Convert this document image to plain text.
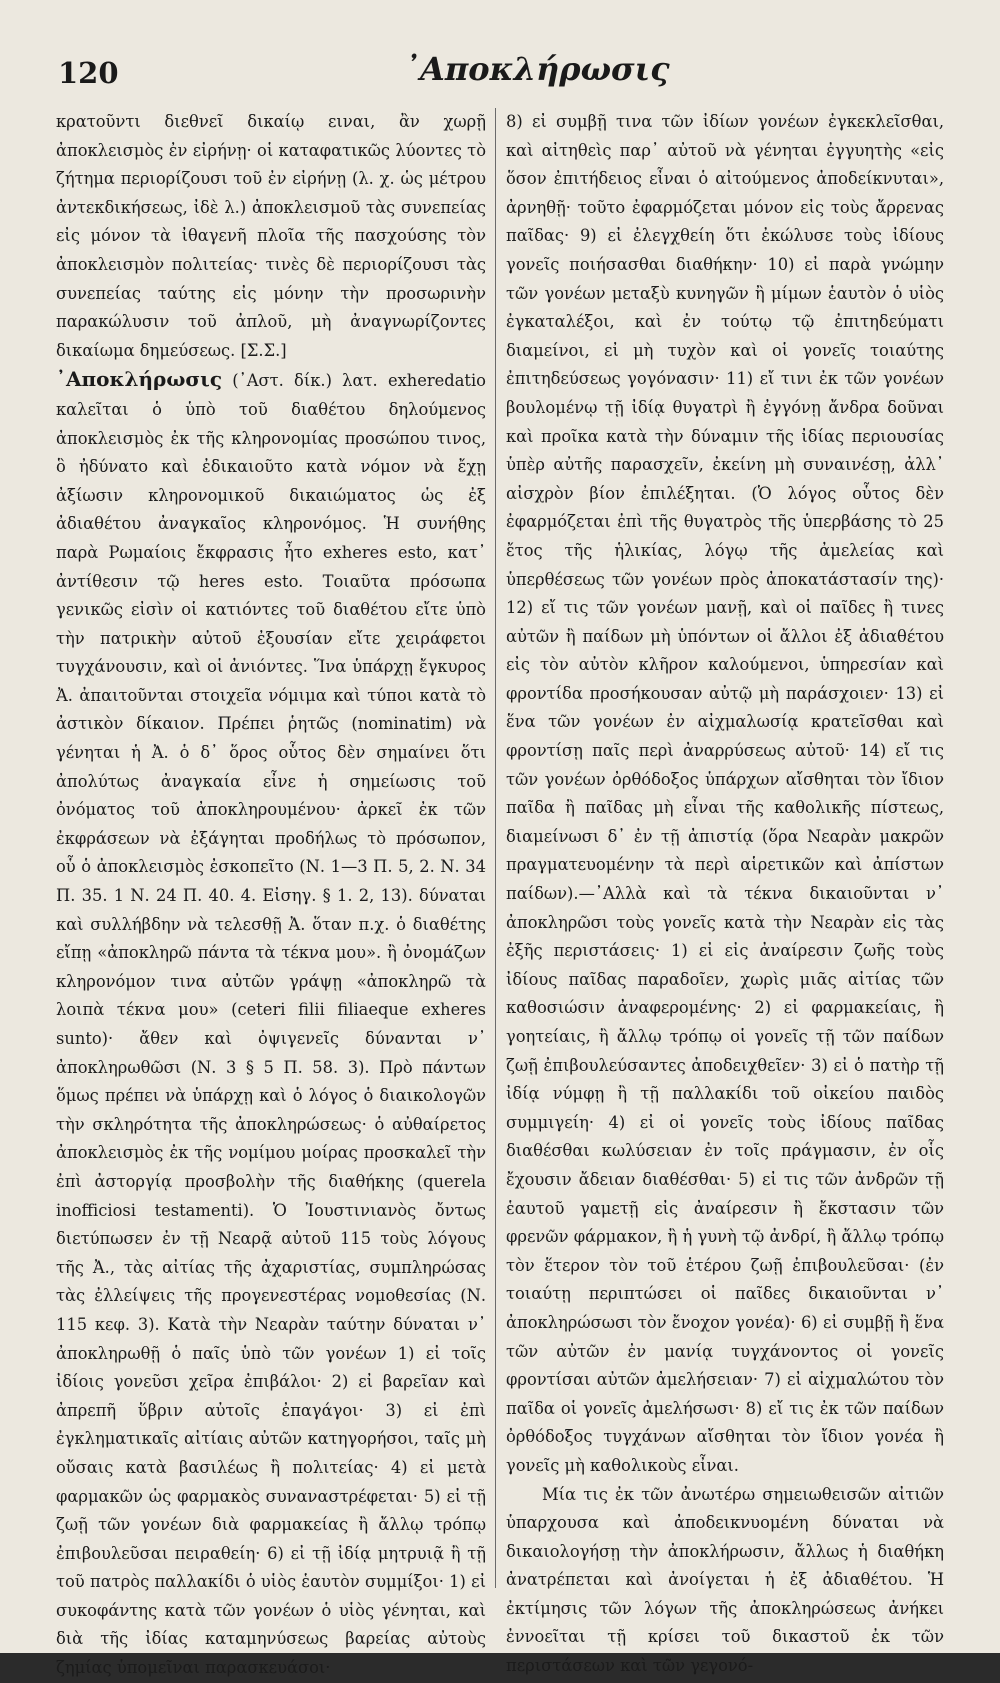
120	᾿Αποκλήρωσις

κρατοῦντι διεθνεῖ δικαίῳ ειναι, ἂν χωρῇ ἀποκλεισμὸς ἐν εἰρήνῃ· οἱ καταφατικῶς λύοντες τὸ ζήτημα περιορίζουσι τοῦ ἐν εἰρήνῃ (λ. χ. ὡς μέτρου ἀντεκδικήσεως, ἰδὲ λ.) ἀποκλεισμοῦ τὰς συνεπείας εἰς μόνον τὰ ἰθαγενῆ πλοῖα τῆς πασχούσης τὸν ἀποκλεισμὸν πολιτείας· τινὲς δὲ περιορίζουσι τὰς συνεπείας ταύτης εἰς μόνην τὴν προσωρινὴν παρακώλυσιν τοῦ ἀπλοῦ, μὴ ἀναγνωρίζοντες δικαίωμα δημεύσεως. [Σ.Σ.]

᾿Αποκλήρωσις (᾿Αστ. δίκ.) λατ. exheredatio καλεῖται ὁ ὑπὸ τοῦ διαθέτου δηλούμενος ἀποκλεισμὸς ἐκ τῆς κληρονομίας προσώπου τινος, ὃ ἠδύνατο καὶ ἐδικαιοῦτο κατὰ νόμον νὰ ἔχῃ ἀξίωσιν κληρονομικοῦ δικαιώματος ὡς ἐξ ἀδιαθέτου ἀναγκαῖος κληρονόμος. Ἡ συνήθης παρὰ Ρωμαίοις ἔκφρασις ἦτο exheres esto, κατ᾿ ἀντίθεσιν τῷ heres esto. Τοιαῦτα πρόσωπα γενικῶς εἰσὶν οἱ κατιόντες τοῦ διαθέτου εἴτε ὑπὸ τὴν πατρικὴν αὐτοῦ ἐξουσίαν εἴτε χειράφετοι τυγχάνουσιν, καὶ οἱ ἀνιόντες. Ἵνα ὑπάρχῃ ἔγκυρος Ἀ. ἀπαιτοῦνται στοιχεῖα νόμιμα καὶ τύποι κατὰ τὸ ἀστικὸν δίκαιον. Πρέπει ῥητῶς (nominatim) νὰ γένηται ἡ Ἀ. ὁ δ᾿ ὅρος οὗτος δὲν σημαίνει ὅτι ἀπολύτως ἀναγκαία εἶνε ἡ σημείωσις τοῦ ὀνόματος τοῦ ἀποκληρουμένου· ἀρκεῖ ἐκ τῶν ἐκφράσεων νὰ ἐξάγηται προδήλως τὸ πρόσωπον, οὗ ὁ ἀποκλεισμὸς ἐσκοπεῖτο (Ν. 1—3 Π. 5, 2. Ν. 34 Π. 35. 1 Ν. 24 Π. 40. 4. Εἰσηγ. § 1. 2, 13). δύναται καὶ συλλήβδην νὰ τελεσθῇ Ἀ. ὅταν π.χ. ὁ διαθέτης εἴπῃ «ἀποκληρῶ πάντα τὰ τέκνα μου». ἢ ὀνομάζων κληρονόμον τινα αὐτῶν γράψῃ «ἀποκληρῶ τὰ λοιπὰ τέκνα μου» (ceteri filii filiaeque exheres sunto)· ἄθεν καὶ ὀψιγενεῖς δύνανται ν᾿ ἀποκληρωθῶσι (Ν. 3 § 5 Π. 58. 3). Πρὸ πάντων ὅμως πρέπει νὰ ὑπάρχῃ καὶ ὁ λόγος ὁ διαικολογῶν τὴν σκληρότητα τῆς ἀποκληρώσεως· ὁ αὐθαίρετος ἀποκλεισμὸς ἐκ τῆς νομίμου μοίρας προσκαλεῖ τὴν ἐπὶ ἀστοργίᾳ προσβολὴν τῆς διαθήκης (querela inofficiosi testamenti). Ὁ Ἰουστινιανὸς ὄντως διετύπωσεν ἐν τῇ Νεαρᾷ αὐτοῦ 115 τοὺς λόγους τῆς Ἀ., τὰς αἰτίας τῆς ἀχαριστίας, συμπληρώσας τὰς ἐλλείψεις τῆς προγενεστέρας νομοθεσίας (Ν. 115 κεφ. 3). Κατὰ τὴν Νεαρὰν ταύτην δύναται ν᾿ ἀποκληρωθῇ ὁ παῖς ὑπὸ τῶν γονέων 1) εἰ τοῖς ἰδίοις γονεῦσι χεῖρα ἐπιβάλοι· 2) εἰ βαρεῖαν καὶ ἀπρεπῆ ὕβριν αὐτοῖς ἐπαγάγοι· 3) εἰ ἐπὶ ἐγκληματικαῖς αἰτίαις αὐτῶν κατηγορήσοι, ταῖς μὴ οὔσαις κατὰ βασιλέως ἢ πολιτείας· 4) εἰ μετὰ φαρμακῶν ὡς φαρμακὸς συναναστρέφεται· 5) εἰ τῇ ζωῇ τῶν γονέων διὰ φαρμακείας ἢ ἄλλῳ τρόπῳ ἐπιβουλεῦσαι πειραθείη· 6) εἰ τῇ ἰδίᾳ μητρυιᾷ ἢ τῇ τοῦ πατρὸς παλλακίδι ὁ υἱὸς ἑαυτὸν συμμίξοι· 1) εἰ συκοφάντης κατὰ τῶν γονέων ὁ υἱὸς γένηται, καὶ διὰ τῆς ἰδίας καταμηνύσεως βαρείας αὐτοὺς ζημίας ὑπομεῖναι παρασκευάσοι·

8) εἰ συμβῇ τινα τῶν ἰδίων γονέων ἐγκεκλεῖσθαι, καὶ αἰτηθεὶς παρ᾿ αὐτοῦ νὰ γένηται ἐγγυητὴς «εἰς ὅσον ἐπιτήδειος εἶναι ὁ αἰτούμενος ἀποδείκνυται», ἀρνηθῇ· τοῦτο ἐφαρμόζεται μόνον εἰς τοὺς ἄρρενας παῖδας· 9) εἰ ἐλεγχθείη ὅτι ἐκώλυσε τοὺς ἰδίους γονεῖς ποιήσασθαι διαθήκην· 10) εἰ παρὰ γνώμην τῶν γονέων μεταξὺ κυνηγῶν ἢ μίμων ἑαυτὸν ὁ υἱὸς ἐγκαταλέξοι, καὶ ἐν τούτῳ τῷ ἐπιτηδεύματι διαμείνοι, εἰ μὴ τυχὸν καὶ οἱ γονεῖς τοιαύτης ἐπιτηδεύσεως γογόνασιν· 11) εἴ τινι ἐκ τῶν γονέων βουλομένῳ τῇ ἰδίᾳ θυγατρὶ ἢ ἐγγόνῃ ἄνδρα δοῦναι καὶ προῖκα κατὰ τὴν δύναμιν τῆς ἰδίας περιουσίας ὑπὲρ αὐτῆς παρασχεῖν, ἐκείνη μὴ συναινέσῃ, ἀλλ᾿ αἰσχρὸν βίον ἐπιλέξηται. (Ὁ λόγος οὗτος δὲν ἐφαρμόζεται ἐπὶ τῆς θυγατρὸς τῆς ὑπερβάσης τὸ 25 ἔτος τῆς ἡλικίας, λόγῳ τῆς ἀμελείας καὶ ὑπερθέσεως τῶν γονέων πρὸς ἀποκατάστασίν της)· 12) εἴ τις τῶν γονέων μανῇ, καὶ οἱ παῖδες ἢ τινες αὐτῶν ἢ παίδων μὴ ὑπόντων οἱ ἄλλοι ἐξ ἀδιαθέτου εἰς τὸν αὐτὸν κλῆρον καλούμενοι, ὑπηρεσίαν καὶ φροντίδα προσήκουσαν αὐτῷ μὴ παράσχοιεν· 13) εἰ ἕνα τῶν γονέων ἐν αἰχμαλωσίᾳ κρατεῖσθαι καὶ φροντίσῃ παῖς περὶ ἀναρρύσεως αὐτοῦ· 14) εἴ τις τῶν γονέων ὀρθόδοξος ὑπάρχων αἴσθηται τὸν ἴδιον παῖδα ἢ παῖδας μὴ εἶναι τῆς καθολικῆς πίστεως, διαμείνωσι δ᾿ ἐν τῇ ἀπιστίᾳ (ὅρα Νεαρὰν μακρῶν πραγματευομένην τὰ περὶ αἱρετικῶν καὶ ἀπίστων παίδων).—᾿Αλλὰ καὶ τὰ τέκνα δικαιοῦνται ν᾿ ἀποκληρῶσι τοὺς γονεῖς κατὰ τὴν Νεαρὰν εἰς τὰς ἐξῆς περιστάσεις· 1) εἰ εἰς ἀναίρεσιν ζωῆς τοὺς ἰδίους παῖδας παραδοῖεν, χωρὶς μιᾶς αἰτίας τῶν καθοσιώσιν ἀναφερομένης· 2) εἰ φαρμακείαις, ἢ γοητείαις, ἢ ἄλλῳ τρόπῳ οἱ γονεῖς τῇ τῶν παίδων ζωῇ ἐπιβουλεύσαντες ἀποδειχθεῖεν· 3) εἰ ὁ πατὴρ τῇ ἰδίᾳ νύμφῃ ἢ τῇ παλλακίδι τοῦ οἰκείου παιδὸς συμμιγείη· 4) εἰ οἱ γονεῖς τοὺς ἰδίους παῖδας διαθέσθαι κωλύσειαν ἐν τοῖς πράγμασιν, ἐν οἷς ἔχουσιν ἄδειαν διαθέσθαι· 5) εἰ τις τῶν ἀνδρῶν τῇ ἑαυτοῦ γαμετῇ εἰς ἀναίρεσιν ἢ ἔκστασιν τῶν φρενῶν φάρμακον, ἢ ἡ γυνὴ τῷ ἀνδρί, ἢ ἄλλῳ τρόπῳ τὸν ἕτερον τὸν τοῦ ἑτέρου ζωῇ ἐπιβουλεῦσαι· (ἐν τοιαύτῃ περιπτώσει οἱ παῖδες δικαιοῦνται ν᾿ ἀποκληρώσωσι τὸν ἔνοχον γονέα)· 6) εἰ συμβῇ ἢ ἕνα τῶν αὐτῶν ἐν μανίᾳ τυγχάνοντος οἱ γονεῖς φροντίσαι αὐτῶν ἀμελήσειαν· 7) εἰ αἰχμαλώτου τὸν παῖδα οἱ γονεῖς ἀμελήσωσι· 8) εἴ τις ἐκ τῶν παίδων ὀρθόδοξος τυγχάνων αἴσθηται τὸν ἴδιον γονέα ἢ γονεῖς μὴ καθολικοὺς εἶναι.

Μία τις ἐκ τῶν ἀνωτέρω σημειωθεισῶν αἰτιῶν ὑπαρχουσα καὶ ἀποδεικνυομένη δύναται νὰ δικαιολογήσῃ τὴν ἀποκλήρωσιν, ἄλλως ἡ διαθήκη ἀνατρέπεται καὶ ἀνοίγεται ἡ ἐξ ἀδιαθέτου. Ἡ ἐκτίμησις τῶν λόγων τῆς ἀποκληρώσεως ἀνήκει ἐννοεῖται τῇ κρίσει τοῦ δικαστοῦ ἐκ τῶν περιστάσεων καὶ τῶν γεγονό-
